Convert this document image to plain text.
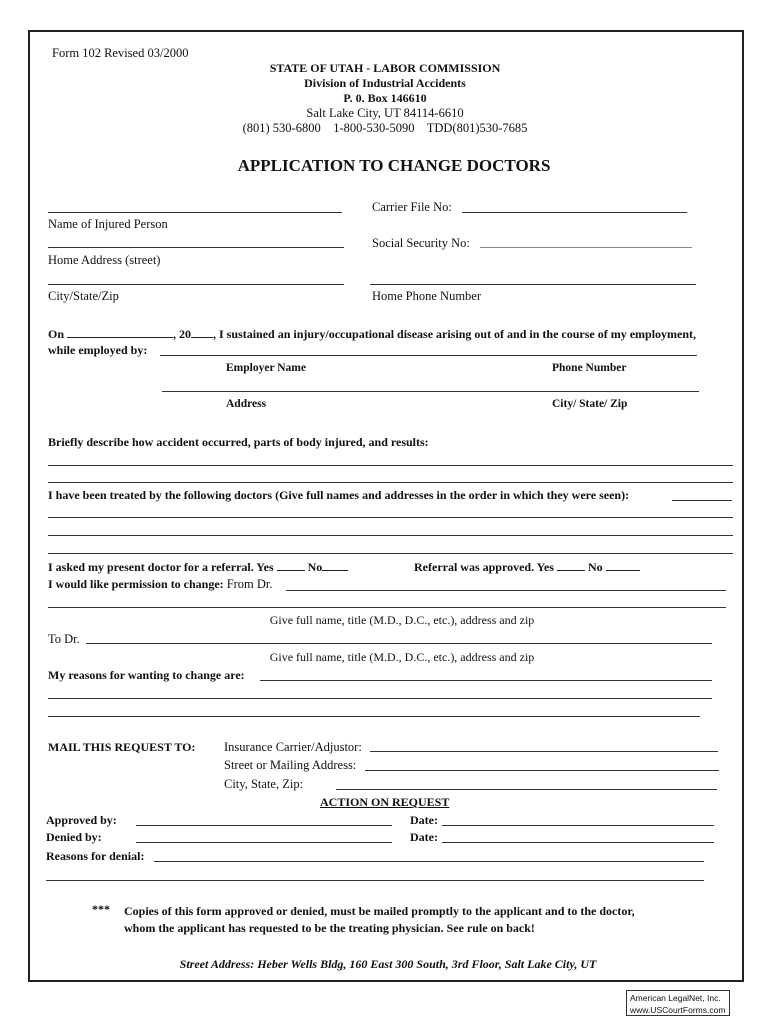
Form 102 Revised 03/2000
STATE OF UTAH - LABOR COMMISSION
Division of Industrial Accidents
P. 0. Box 146610
Salt Lake City, UT 84114-6610
(801) 530-6800    1-800-530-5090    TDD(801)530-7685
APPLICATION TO CHANGE DOCTORS
Carrier File No:
Name of Injured Person
Social Security No:
Home Address (street)
City/State/Zip	Home Phone Number
On	, 20 , I sustained an injury/occupational disease arising out of and in the course of my employment,
while employed by:
Employer Name	Phone Number
Address	City/ State/ Zip
Briefly describe how accident occurred, parts of body injured, and results:
I have been treated by the following doctors (Give full names and addresses in the order in which they were seen):
I asked my present doctor for a referral. Yes	No	Referral was approved. Yes	No
I would like permission to change: From Dr.
Give full name, title (M.D., D.C., etc.), address and zip
To Dr.
Give full name, title (M.D., D.C., etc.), address and zip
My reasons for wanting to change are:
MAIL THIS REQUEST TO: Insurance Carrier/Adjustor:
Street or Mailing Address:
City, State, Zip:
ACTION ON REQUEST
Approved by:	Date:
Denied by:	Date:
Reasons for denial:
*** Copies of this form approved or denied, must be mailed promptly to the applicant and to the doctor,
whom the applicant has requested to be the treating physician. See rule on back!
Street Address: Heber Wells Bldg, 160 East 300 South, 3rd Floor, Salt Lake City, UT
American LegalNet, Inc.
www.USCourtForms.com
